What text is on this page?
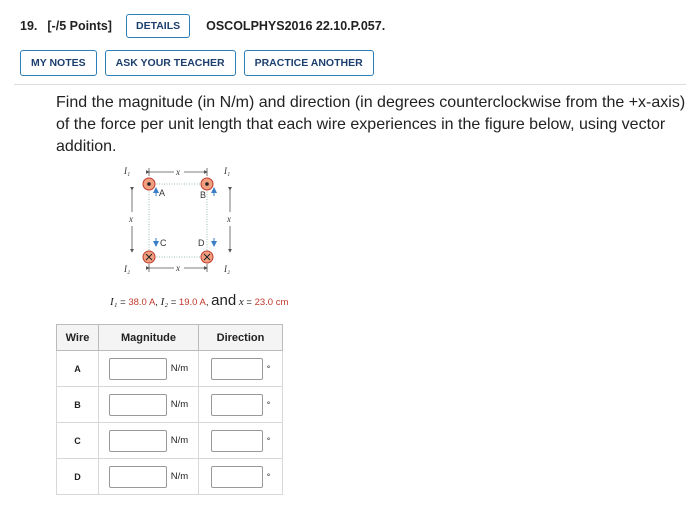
19. [-/5 Points]	DETAILS	OSCOLPHYS2016 22.10.P.057.
MY NOTES	ASK YOUR TEACHER	PRACTICE ANOTHER

Find the magnitude (in N/m) and direction (in degrees counterclockwise from the +x-axis) of the force per unit length that each wire experiences in the figure below, using vector addition.

x
x
x	x
I₁	I₁
I₂	I₂
A	B
C	D
I₁ = 38.0 A, I₂ = 19.0 A, and x = 23.0 cm
Wire	Magnitude	Direction
A	N/m	°

B	N/m	°

C	N/m	°

D	N/m	°
